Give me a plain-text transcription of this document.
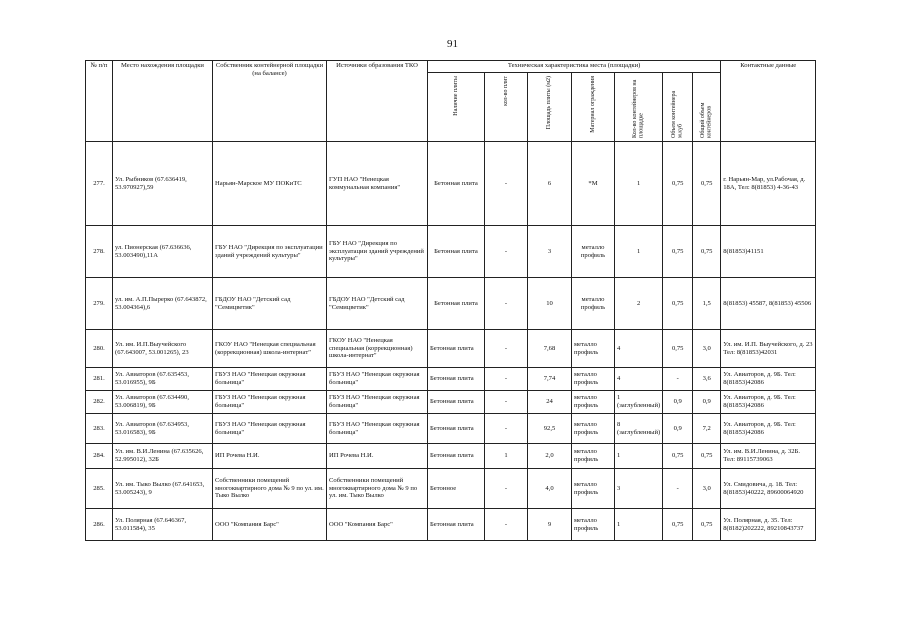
91
№ п/п	Место нахождения площадки	Собственник контейнерной площадки (на балансе)	Источники образования ТКО	Техническая характеристика места (площадки)							Контактные данные

				Наличие плиты	кол-во плит	Площадь плиты (м2)	Материал ограждения	Кол-во контейнеров на площадке	Объем контейнера м.куб	Общий объем контейнеров	

277.	Ул. Рыбников (67.636419, 53.970927),59	Нарьян-Марское МУ ПОКиТС	ГУП НАО "Ненецкая коммунальная компания"	Бетонная плита	-	6	*М	1	0,75	0,75	г. Нарьян-Мар, ул.Рабочая, д. 18А, Тел: 8(81853) 4-36-43
278.	ул. Пионерская (67.636636, 53.003490),11А	ГБУ НАО "Дирекция по эксплуатации зданий учреждений культуры"	ГБУ НАО "Дирекция по эксплуатации зданий учреждений культуры"	Бетонная плита	-	3	металло профиль	1	0,75	0,75	8(81853)41151
279.	ул. им. А.П.Пырерко (67.643872, 53.004364),6	ГБДОУ НАО "Детский сад "Семицветик"	ГБДОУ НАО "Детский сад "Семицветик"	Бетонная плита	-	10	металло профиль	2	0,75	1,5	8(81853) 45587, 8(81853) 45506
280.	Ул. им. И.П.Выучейского (67.643007, 53.001265), 23	ГКОУ НАО "Ненецкая специальная (коррекционная) школа-интернат"	ГКОУ НАО "Ненецкая специальная (коррекционная) школа-интернат"	Бетонная плита	-	7,68	металло профиль	4	0,75	3,0	Ул. им. И.П. Выучейского, д. 23 Тел: 8(81853)42031
281.	Ул. Авиаторов (67.635453, 53.016955), 9Б	ГБУЗ НАО "Ненецкая окружная больница"	ГБУЗ НАО "Ненецкая окружная больница"	Бетонная плита	-	7,74	металло профиль	4	-	3,6	Ул. Авиаторов, д. 9Б. Тел: 8(81853)42086
282.	Ул. Авиаторов (67.634490, 53.006819), 9Б	ГБУЗ НАО "Ненецкая окружная больница"	ГБУЗ НАО "Ненецкая окружная больница"	Бетонная плита	-	24	металло профиль	1 (заглубленный)	0,9	0,9	Ул. Авиаторов, д. 9Б. Тел: 8(81853)42086
283.	Ул. Авиаторов (67.634953, 53.016583), 9Б	ГБУЗ НАО "Ненецкая окружная больница"	ГБУЗ НАО "Ненецкая окружная больница"	Бетонная плита	-	92,5	металло профиль	8 (заглубленный)	0,9	7,2	Ул. Авиаторов, д. 9Б. Тел: 8(81853)42086
284.	Ул. им. В.И.Ленина (67.635626, 52.995012), 32Б	ИП Рочева Н.И.	ИП Рочева Н.И.	Бетонная плита	1	2,0	металло профиль	1	0,75	0,75	Ул. им. В.И.Ленина, д. 32Б. Тел: 89115739063
285.	Ул. им. Тыко Вылко (67.641653, 53.005243), 9	Собственники помещений многоквартирного дома № 9 по ул. им. Тыко Вылко	Собственники помещений многоквартирного дома № 9 по ул. им. Тыко Вылко	Бетонное	-	4,0	металло профиль	3	-	3,0	Ул. Смидовича, д. 18. Тел: 8(81853)40222, 89600064920
286.	Ул. Полярная (67.646367, 53.011584), 35	ООО "Компания Барс"	ООО "Компания Барс"	Бетонная плита	-	9	металло профиль	1	0,75	0,75	Ул. Полярная, д. 35. Тел: 8(8182)202222, 89210843737
